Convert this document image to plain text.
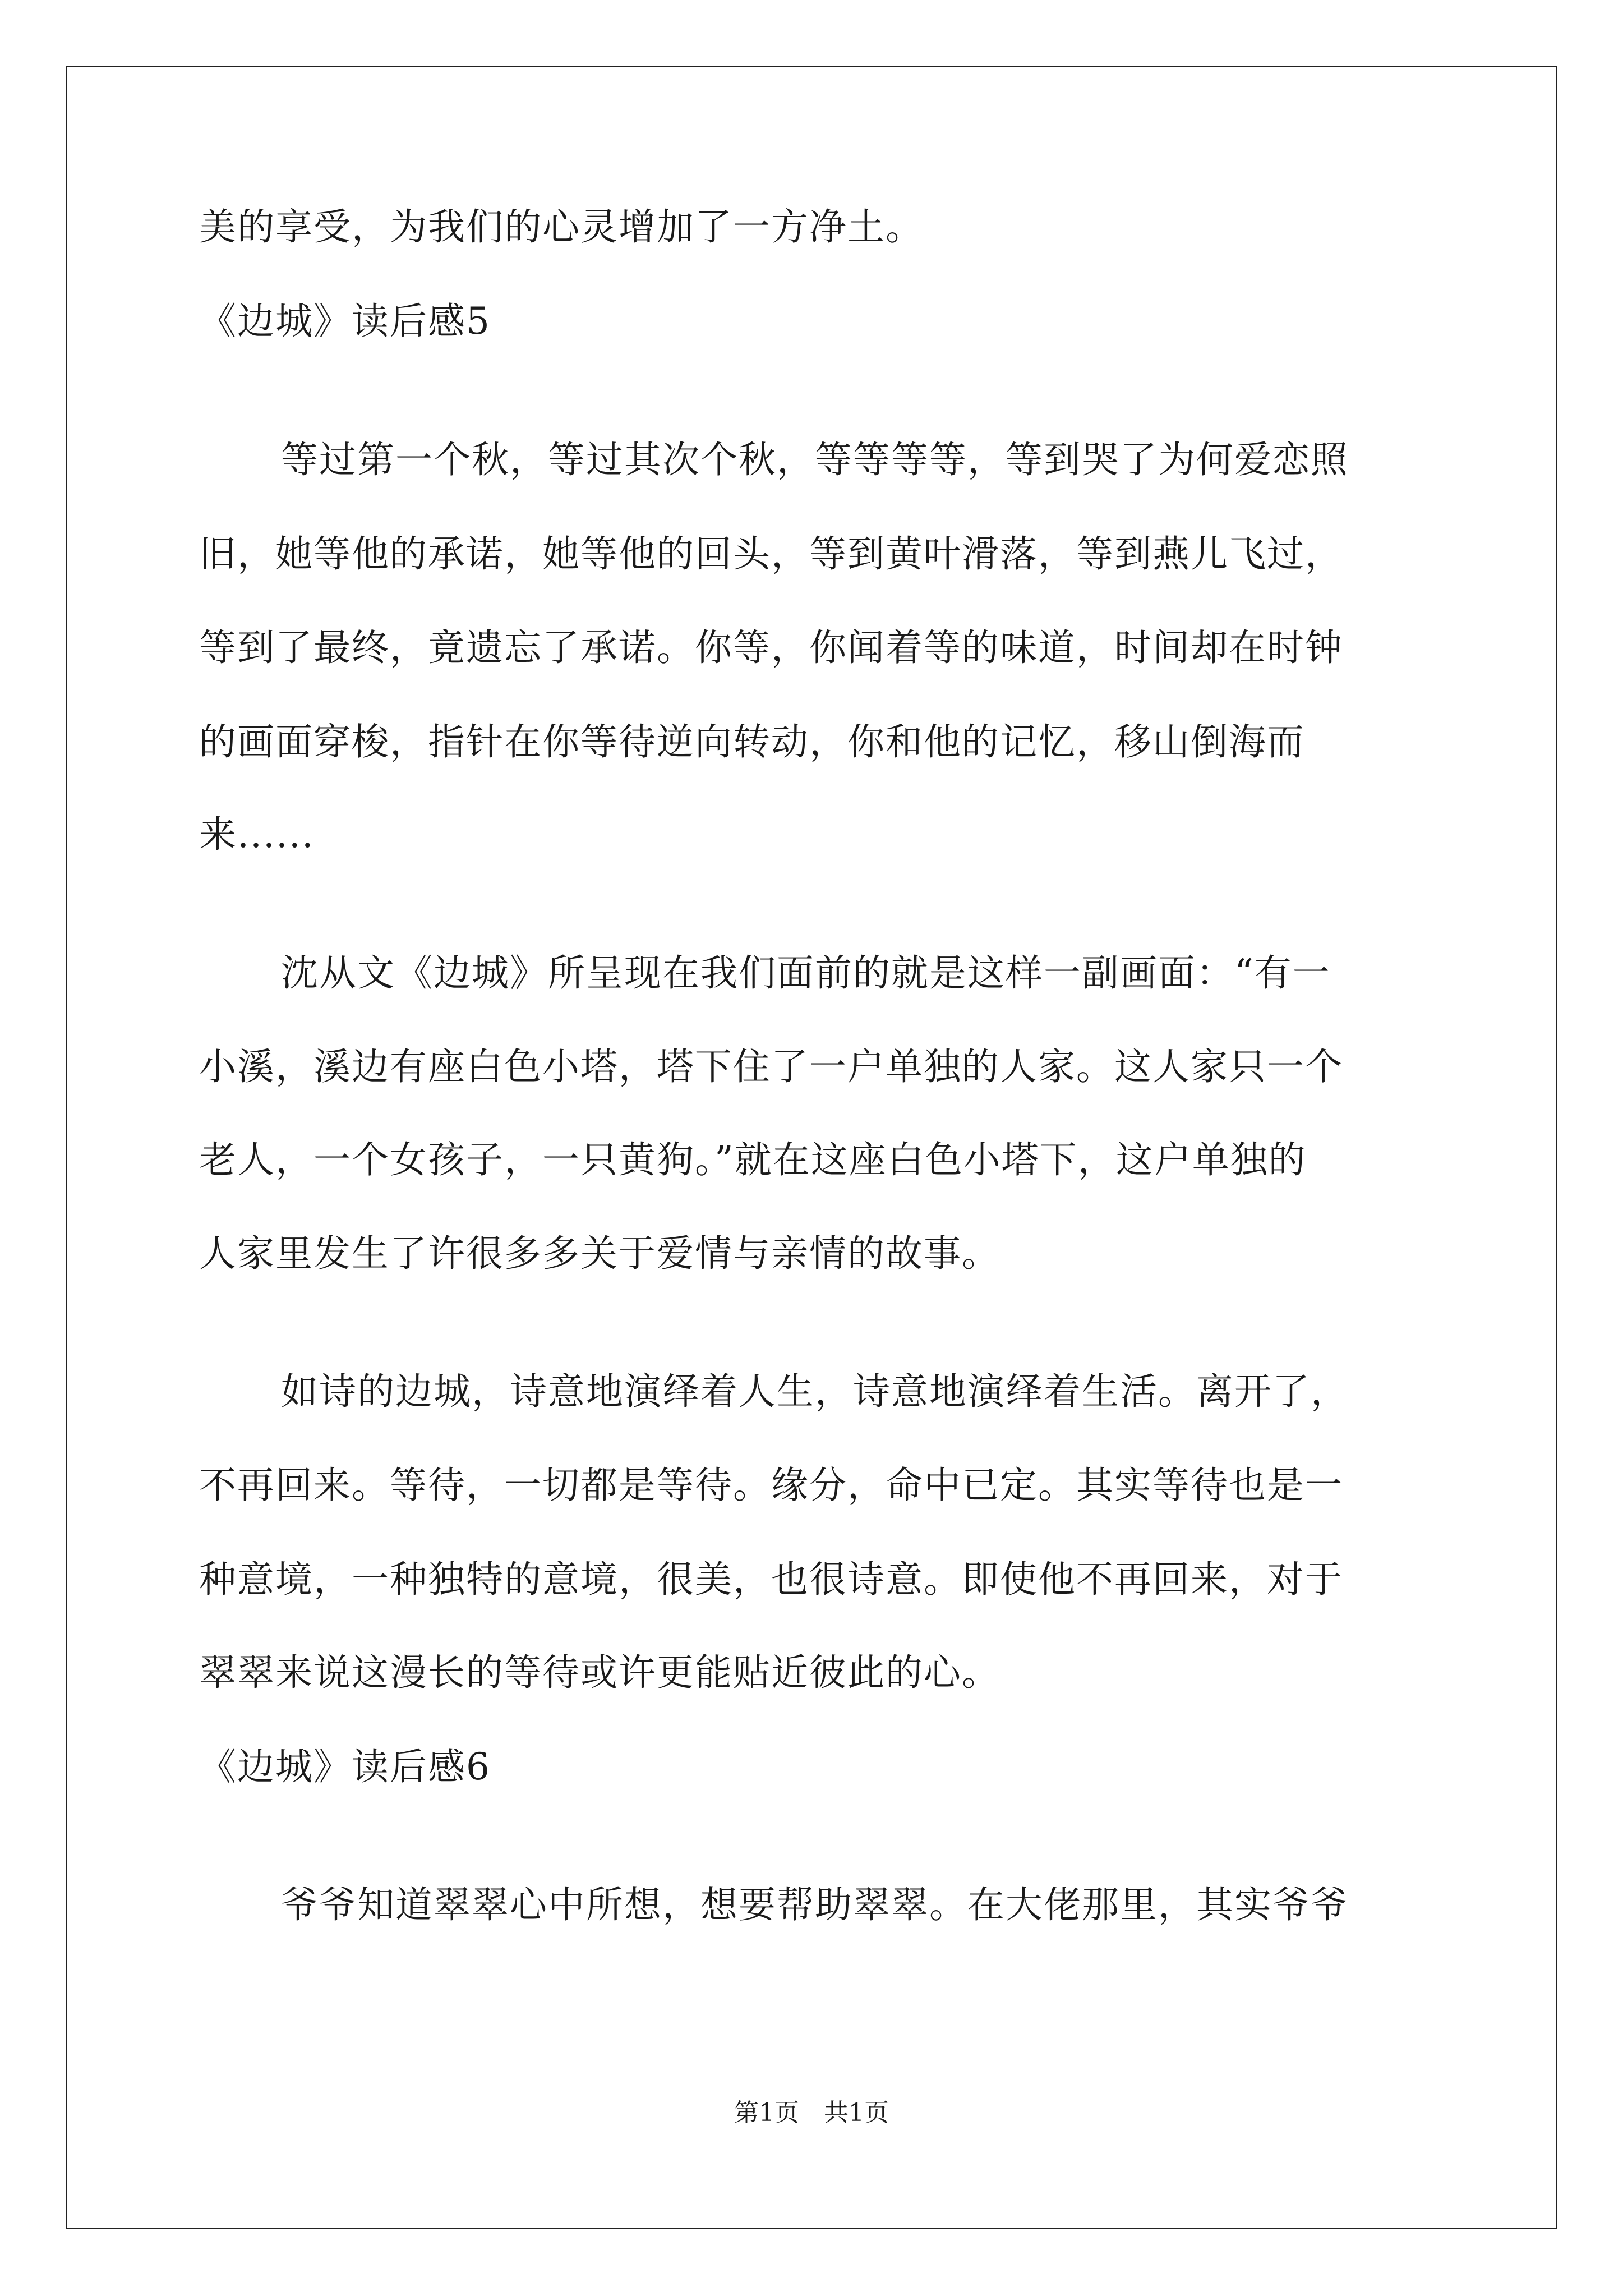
美的享受，为我们的心灵增加了一方净土。
《边城》读后感5
等过第一个秋，等过其次个秋，等等等等，等到哭了为何爱恋照
旧，她等他的承诺，她等他的回头，等到黄叶滑落，等到燕儿飞过，
等到了最终，竟遗忘了承诺。你等，你闻着等的味道，时间却在时钟
的画面穿梭，指针在你等待逆向转动，你和他的记忆，移山倒海而
来......
沈从文《边城》所呈现在我们面前的就是这样一副画面：“有一
小溪，溪边有座白色小塔，塔下住了一户单独的人家。这人家只一个
老人，一个女孩子，一只黄狗。”就在这座白色小塔下，这户单独的
人家里发生了许很多多关于爱情与亲情的故事。
如诗的边城，诗意地演绎着人生，诗意地演绎着生活。离开了，
不再回来。等待，一切都是等待。缘分，命中已定。其实等待也是一
种意境，一种独特的意境，很美，也很诗意。即使他不再回来，对于
翠翠来说这漫长的等待或许更能贴近彼此的心。
《边城》读后感6
爷爷知道翠翠心中所想，想要帮助翠翠。在大佬那里，其实爷爷
第1页　共1页
